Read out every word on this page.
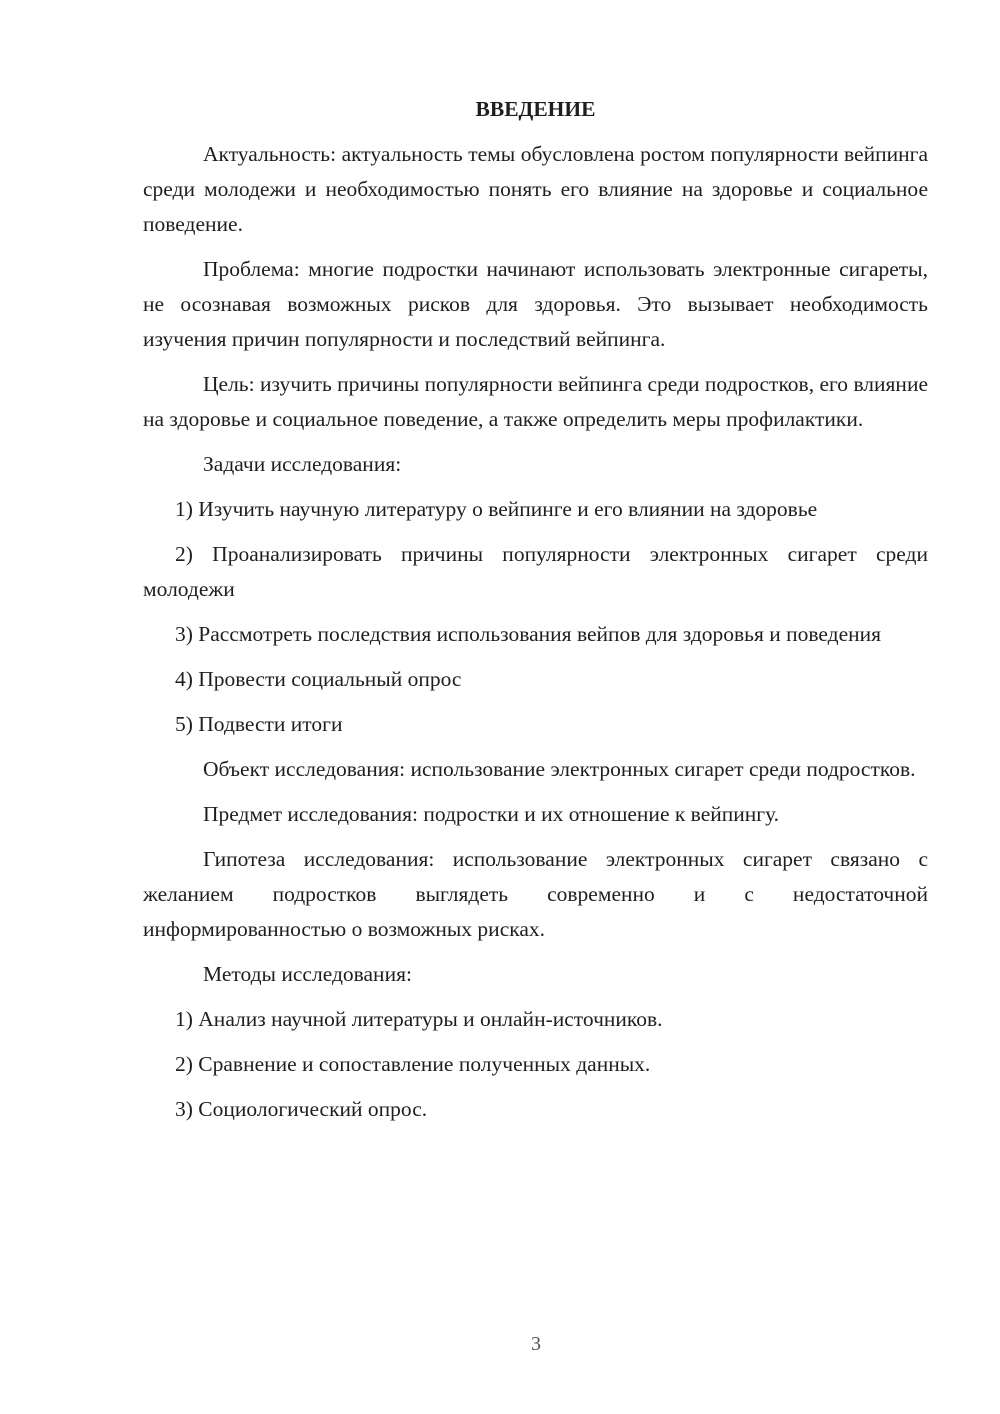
ВВЕДЕНИЕ

Актуальность: актуальность темы обусловлена ростом популярности вейпинга среди молодежи и необходимостью понять его влияние на здоровье и социальное поведение.

Проблема: многие подростки начинают использовать электронные сигареты, не осознавая возможных рисков для здоровья. Это вызывает необходимость изучения причин популярности и последствий вейпинга.

Цель: изучить причины популярности вейпинга среди подростков, его влияние на здоровье и социальное поведение, а также определить меры профилактики.

Задачи исследования:

1) Изучить научную литературу о вейпинге и его влиянии на здоровье

2) Проанализировать причины популярности электронных сигарет среди молодежи

3) Рассмотреть последствия использования вейпов для здоровья и поведения

4) Провести социальный опрос

5) Подвести итоги

Объект исследования: использование электронных сигарет среди подростков.

Предмет исследования: подростки и их отношение к вейпингу.

Гипотеза исследования: использование электронных сигарет связано с желанием подростков выглядеть современно и с недостаточной информированностью о возможных рисках.

Методы исследования:

1) Анализ научной литературы и онлайн-источников.

2) Сравнение и сопоставление полученных данных.

3) Социологический опрос.

3
